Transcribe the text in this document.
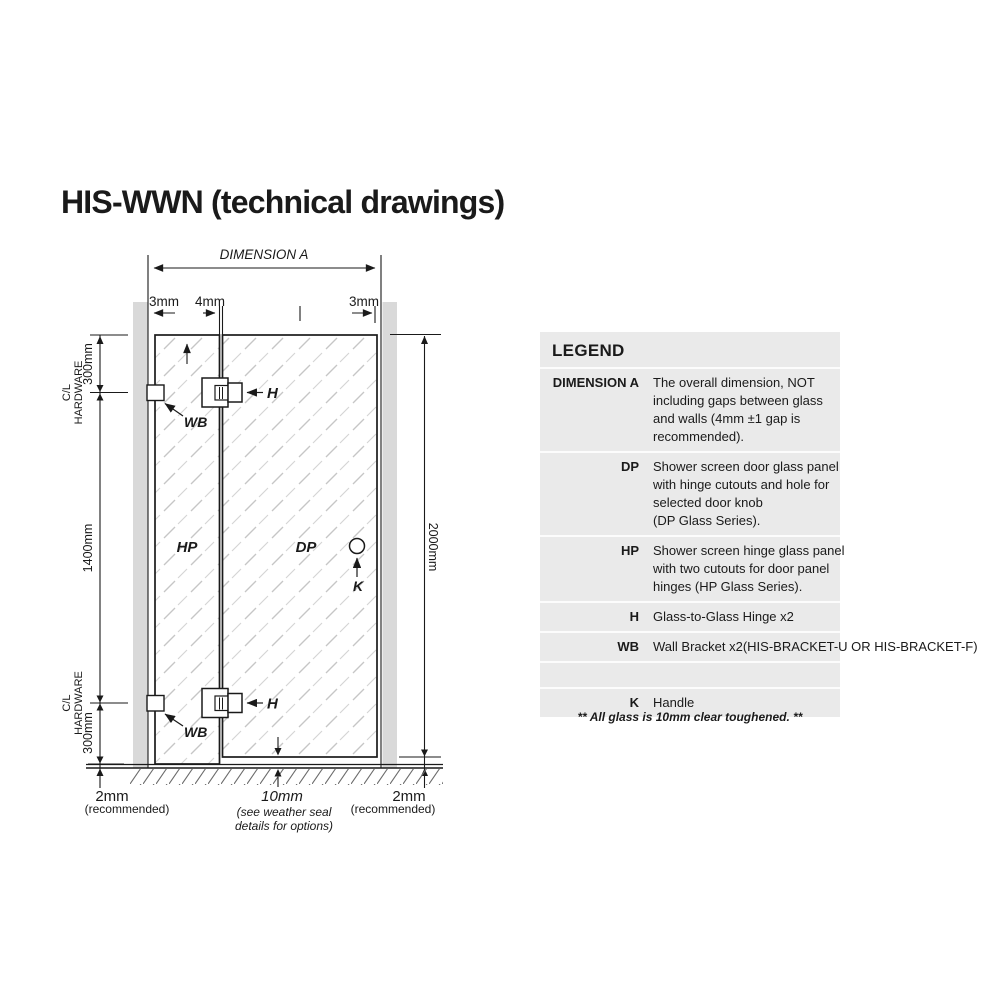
HIS-WWN (technical drawings)
DIMENSION A
3mm 4mm	3mm
HP	DP
H
H
WB
WB
K
C/L HARDWARE
300mm
1400mm
C/L HARDWARE
300mm
2000mm
2mm
(recommended)
10mm
(see weather seal
details for options)
2mm
(recommended)
LEGEND
DIMENSION A The overall dimension, NOT
including gaps between glass
and walls (4mm ±1 gap is
recommended).
DP Shower screen door glass panel
with hinge cutouts and hole for
selected door knob
(DP Glass Series).
HP Shower screen hinge glass panel
with two cutouts for door panel
hinges (HP Glass Series).
H Glass-to-Glass Hinge x2
WB Wall Bracket x2(HIS-BRACKET-U OR HIS-BRACKET-F)
K Handle
** All glass is 10mm clear toughened. **
